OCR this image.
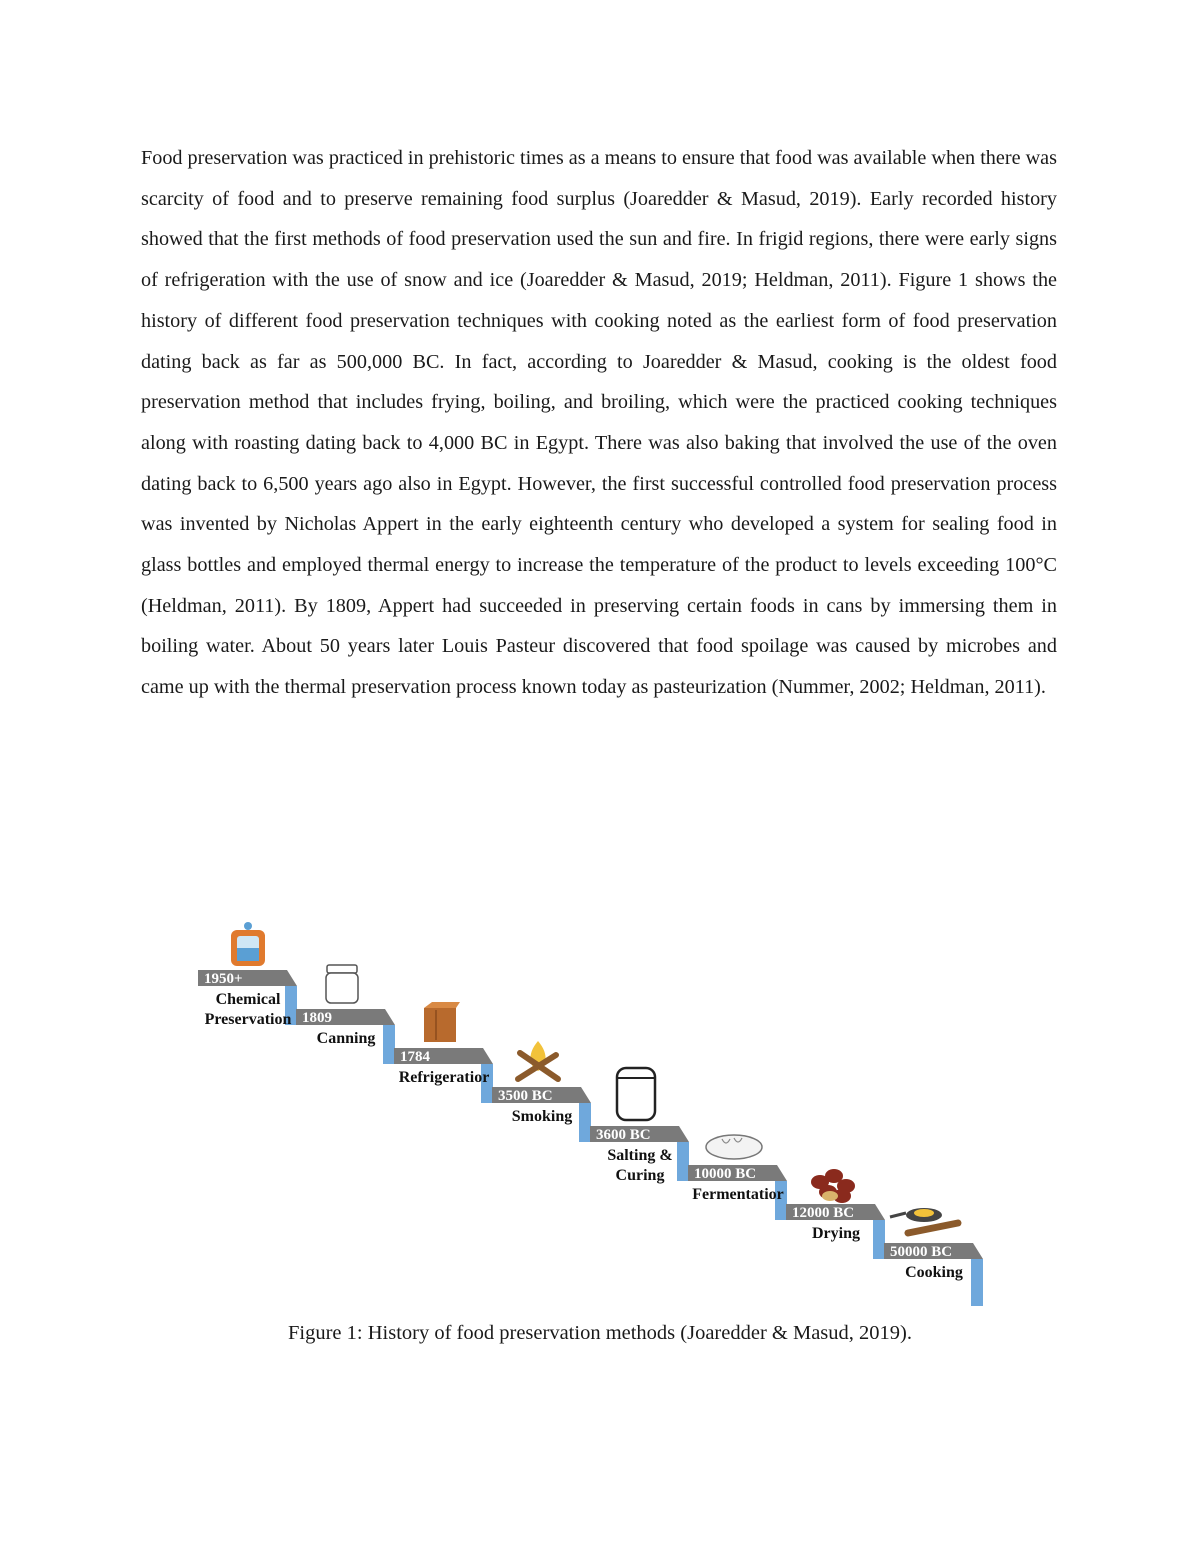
Food preservation was practiced in prehistoric times as a means to ensure that food was available when there was scarcity of food and to preserve remaining food surplus (Joaredder & Masud, 2019). Early recorded history showed that the first methods of food preservation used the sun and fire. In frigid regions, there were early signs of refrigeration with the use of snow and ice (Joaredder & Masud, 2019; Heldman, 2011). Figure 1 shows the history of different food preservation techniques with cooking noted as the earliest form of food preservation dating back as far as 500,000 BC. In fact, according to Joaredder & Masud, cooking is the oldest food preservation method that includes frying, boiling, and broiling, which were the practiced cooking techniques along with roasting dating back to 4,000 BC in Egypt. There was also baking that involved the use of the oven dating back to 6,500 years ago also in Egypt. However, the first successful controlled food preservation process was invented by Nicholas Appert in the early eighteenth century who developed a system for sealing food in glass bottles and employed thermal energy to increase the temperature of the product to levels exceeding 100°C (Heldman, 2011). By 1809, Appert had succeeded in preserving certain foods in cans by immersing them in boiling water. About 50 years later Louis Pasteur discovered that food spoilage was caused by microbes and came up with the thermal preservation process known today as pasteurization (Nummer, 2002; Heldman, 2011).
1950+
Chemical
Preservation 1809
Canning
1784
Refrigeratior
3500 BC
Smoking
3600 BC
Salting &
Curing 10000 BC
Fermentatior
12000 BC
Drying
50000 BC
Cooking
Figure 1: History of food preservation methods (Joaredder & Masud, 2019).
